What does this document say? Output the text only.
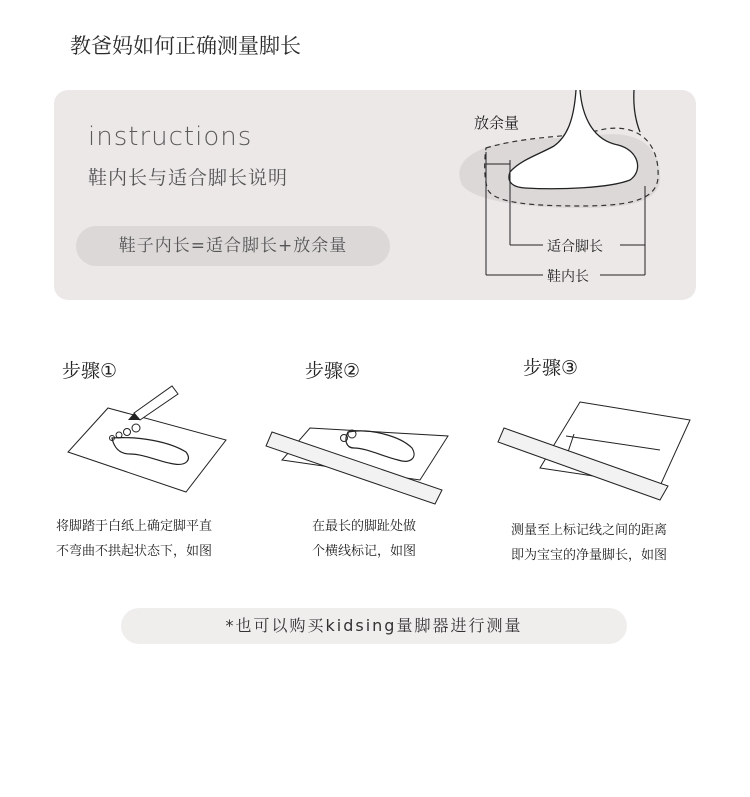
教爸妈如何正确测量脚长
instructions
鞋内长与适合脚长说明
鞋子内长=适合脚长+放余量
放余量
适合脚长
鞋内长
步骤①	步骤②	步骤③
将脚踏于白纸上确定脚平直
不弯曲不拱起状态下，如图
在最长的脚趾处做
个横线标记，如图
测量至上标记线之间的距离
即为宝宝的净量脚长，如图
*也可以购买kidsing量脚器进行测量
